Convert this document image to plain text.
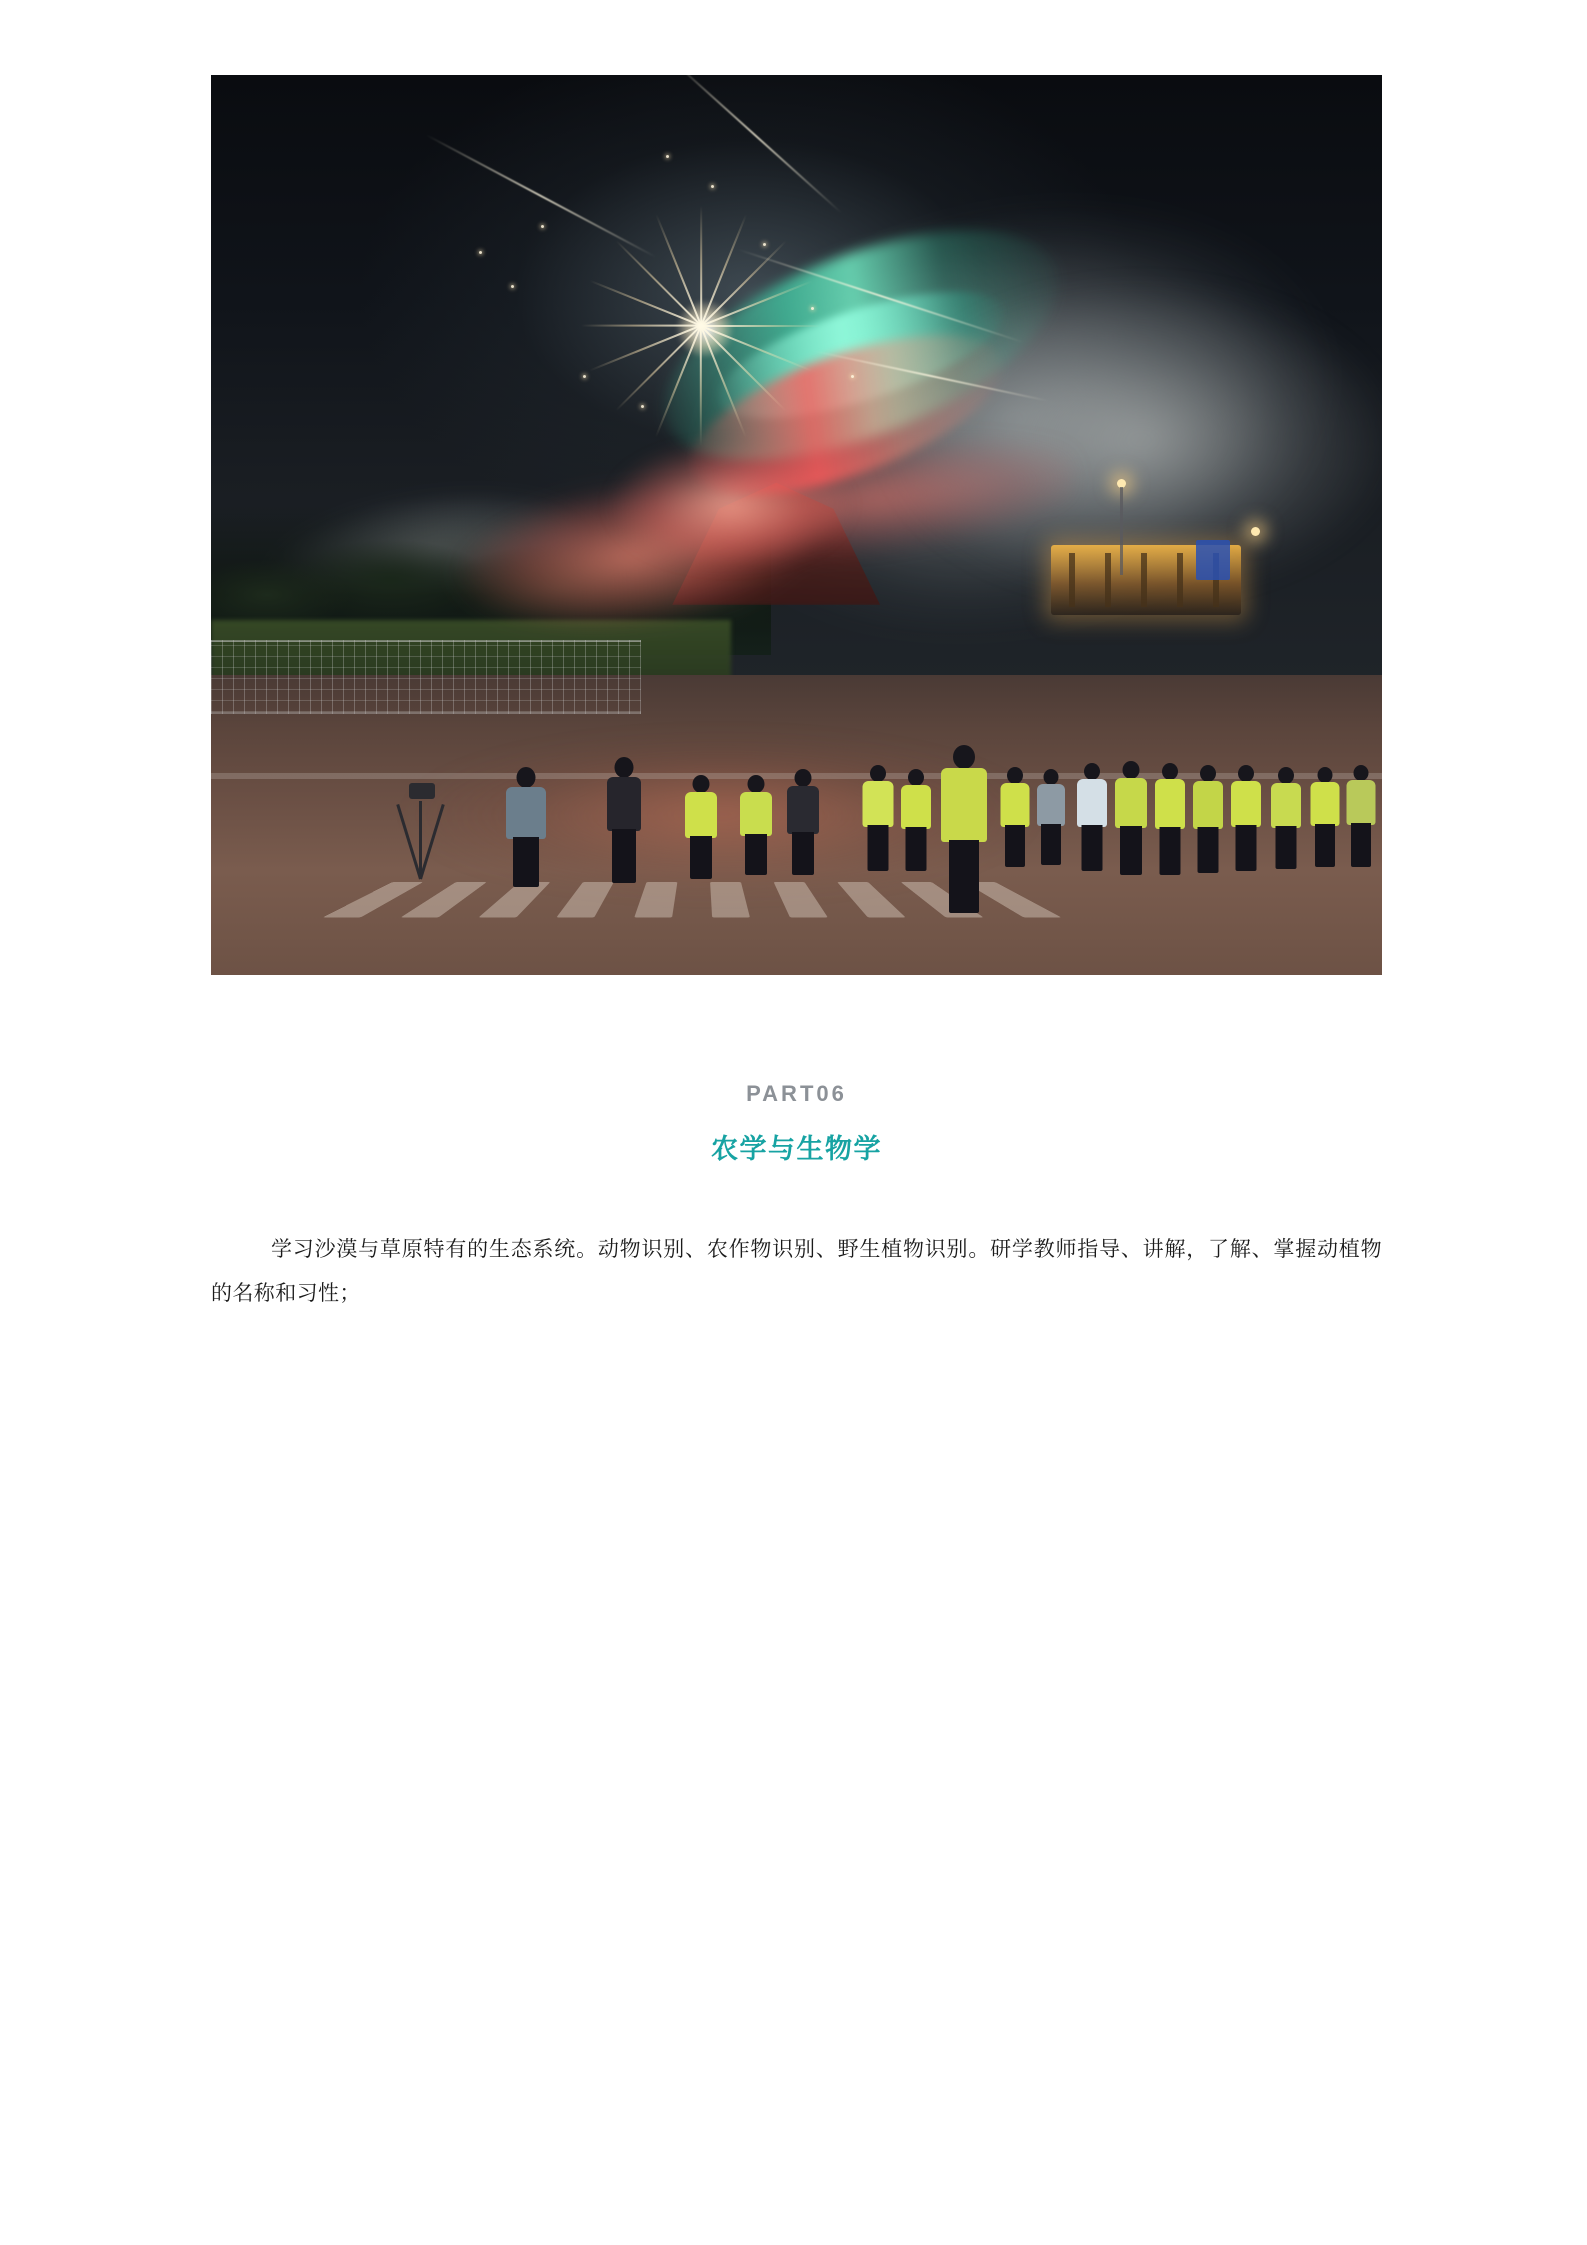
PART06
农学与生物学

学习沙漠与草原特有的生态系统。动物识别、农作物识别、野生植物识别。研学教师指导、讲解，了解、掌握动植物的名称和习性；
